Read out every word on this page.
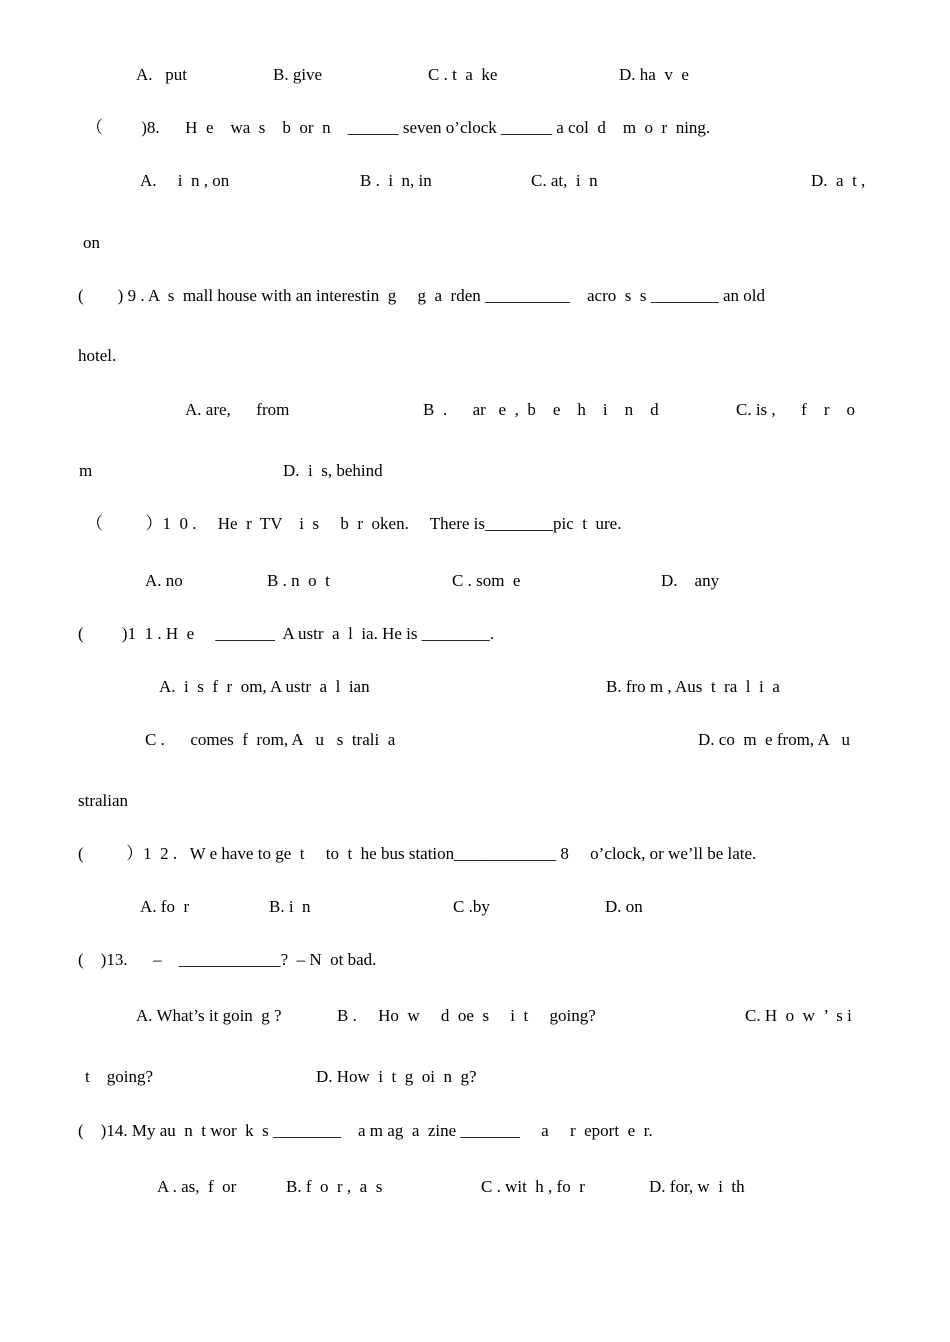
A.   put	B. give	C . t  a  ke	D. ha  v  e
（         )8.      H  e    wa  s    b  or  n    ______ seven o’clock ______ a col  d    m  o  r  ning.
A.     i  n , on	B .  i  n, in	C. at,  i  n	D.  a  t ,
on
(        ) 9 . A  s  mall house with an interestin  g     g  a  rden __________    acro  s  s ________ an old
hotel.
A. are,      from	B  .      ar   e  ,  b    e    h    i    n    d	C. is ,      f    r    o
m	D.  i  s, behind
（          ）1  0 .     He  r  TV    i  s     b  r  oken.     There is________pic  t  ure.
A. no	B . n  o  t	C . som  e	D.    any
(         )1  1 . H  e     _______  A ustr  a  l  ia. He is ________.
A.  i  s  f  r  om, A ustr  a  l  ian	B. fro m , Aus  t  ra  l  i  a
C .      comes  f  rom, A   u   s  trali  a	D. co  m  e from, A   u
stralian
(          ）1  2 .   W e have to ge  t     to  t  he bus station____________ 8     o’clock, or we’ll be late.
A. fo  r	B. i  n	C .by	D. on
(    )13.      –    ____________?  – N  ot bad.
A. What’s it goin  g ?	B .     Ho  w     d  oe  s     i  t     going?	C. H  o  w  ’  s i
t    going?	D. How  i  t  g  oi  n  g?
(    )14. My au  n  t wor  k  s ________    a m ag  a  zine _______     a     r  eport  e  r.
A . as,  f  or	B. f  o  r ,  a  s	C . wit  h , fo  r	D. for, w  i  th
